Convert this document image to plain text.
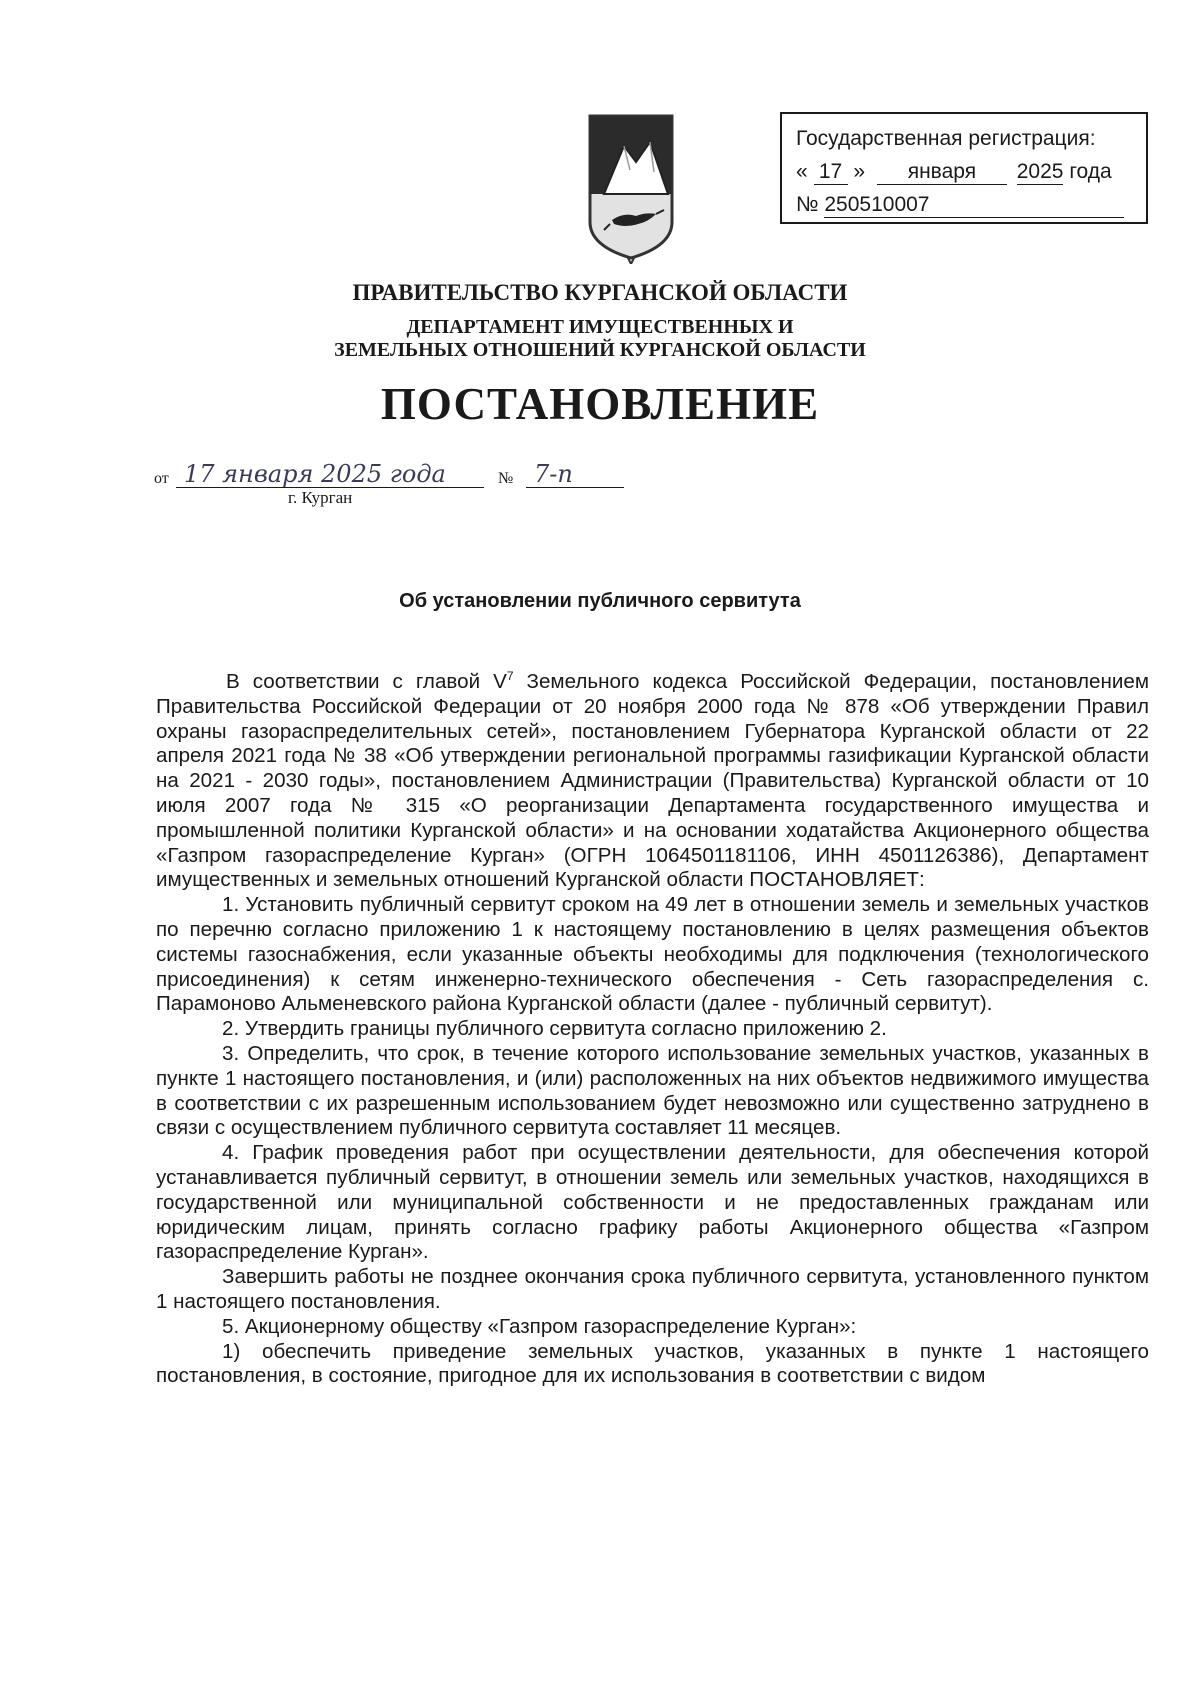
Государственная регистрация:
« 17 » января 2025 года
№ 250510007
ПРАВИТЕЛЬСТВО КУРГАНСКОЙ ОБЛАСТИ
ДЕПАРТАМЕНТ ИМУЩЕСТВЕННЫХ И
ЗЕМЕЛЬНЫХ ОТНОШЕНИЙ КУРГАНСКОЙ ОБЛАСТИ
ПОСТАНОВЛЕНИЕ
от 17 января 2025 года	№ 7-п
г. Курган
Об установлении публичного сервитута

В соответствии с главой $V^7$ Земельного кодекса Российской Федерации, постановлением Правительства Российской Федерации от 20 ноября 2000 года № 878 «Об утверждении Правил охраны газораспределительных сетей», постановлением Губернатора Курганской области от 22 апреля 2021 года № 38 «Об утверждении региональной программы газификации Курганской области на 2021 - 2030 годы», постановлением Администрации (Правительства) Курганской области от 10 июля 2007 года № 315 «О реорганизации Департамента государственного имущества и промышленной политики Курганской области» и на основании ходатайства Акционерного общества «Газпром газораспределение Курган» (ОГРН 1064501181106, ИНН 4501126386), Департамент имущественных и земельных отношений Курганской области ПОСТАНОВЛЯЕТ:

1. Установить публичный сервитут сроком на 49 лет в отношении земель и земельных участков по перечню согласно приложению 1 к настоящему постановлению в целях размещения объектов системы газоснабжения, если указанные объекты необходимы для подключения (технологического присоединения) к сетям инженерно-технического обеспечения - Сеть газораспределения с. Парамоново Альменевского района Курганской области (далее - публичный сервитут).

2. Утвердить границы публичного сервитута согласно приложению 2.

3. Определить, что срок, в течение которого использование земельных участков, указанных в пункте 1 настоящего постановления, и (или) расположенных на них объектов недвижимого имущества в соответствии с их разрешенным использованием будет невозможно или существенно затруднено в связи с осуществлением публичного сервитута составляет 11 месяцев.

4. График проведения работ при осуществлении деятельности, для обеспечения которой устанавливается публичный сервитут, в отношении земель или земельных участков, находящихся в государственной или муниципальной собственности и не предоставленных гражданам или юридическим лицам, принять согласно графику работы Акционерного общества «Газпром газораспределение Курган».

Завершить работы не позднее окончания срока публичного сервитута, установленного пунктом 1 настоящего постановления.

5. Акционерному обществу «Газпром газораспределение Курган»:

1) обеспечить приведение земельных участков, указанных в пункте 1 настоящего постановления, в состояние, пригодное для их использования в соответствии с видом
